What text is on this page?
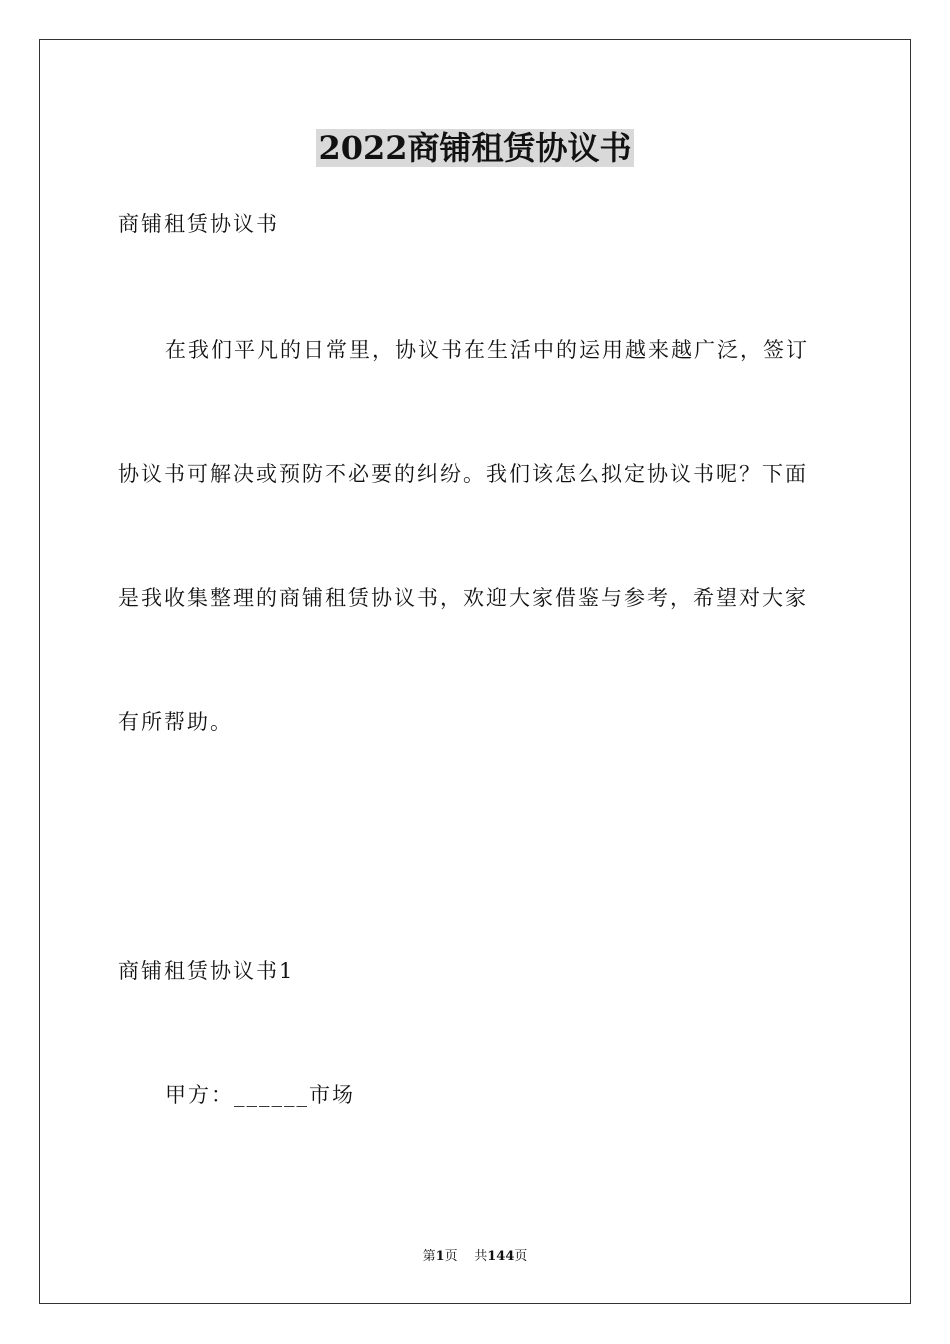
2022商铺租赁协议书
商铺租赁协议书
在我们平凡的日常里，协议书在生活中的运用越来越广泛，签订
协议书可解决或预防不必要的纠纷。我们该怎么拟定协议书呢？下面
是我收集整理的商铺租赁协议书，欢迎大家借鉴与参考，希望对大家
有所帮助。
商铺租赁协议书1
甲方：______市场
第1页 共144页
